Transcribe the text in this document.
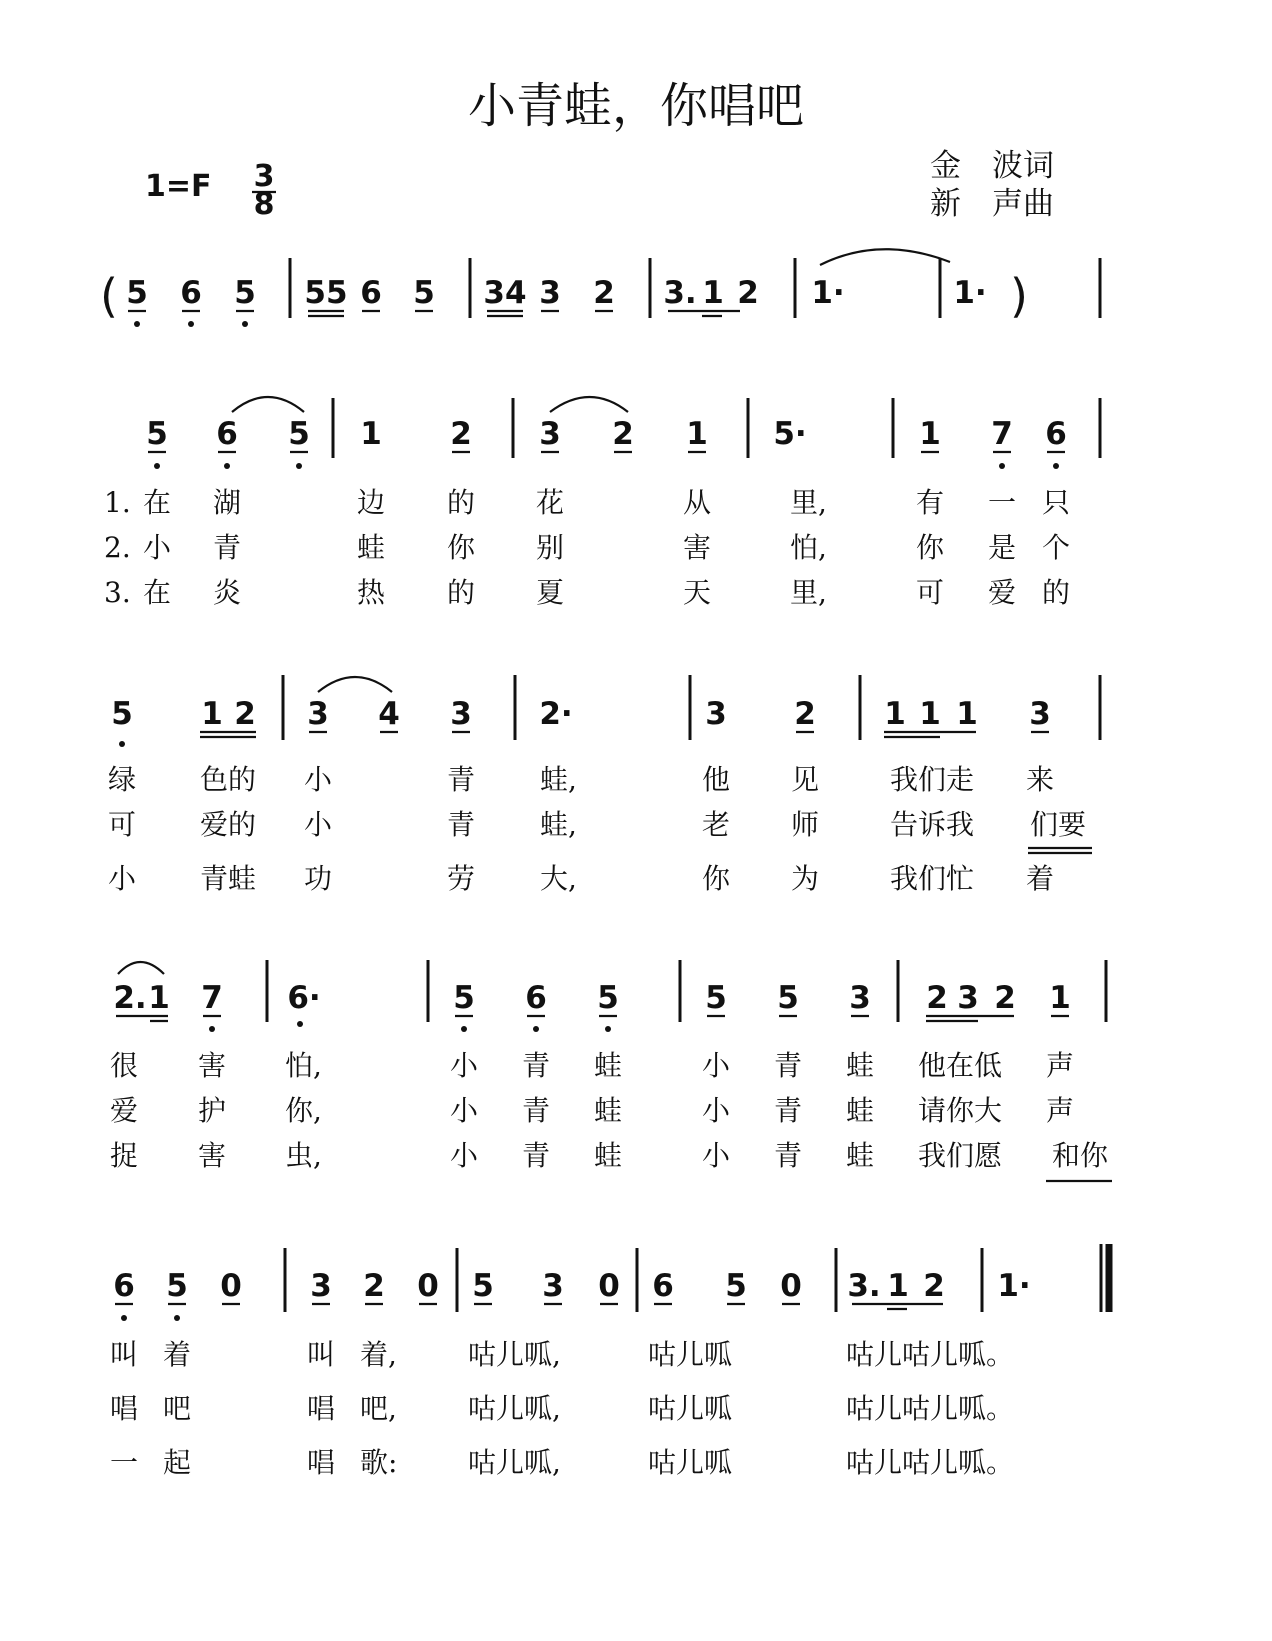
小青蛙，你唱吧
1=F 3
8
金　波词
新　声曲
( 5 6 5 55 6 5 34 3 2 3. 1 2 1·	1· )
5 6 5 1 2 3 2 1 5·	1 7 6
1. 在 湖	边 的 花	从	里,	有 一 只
2. 小 青	蛙 你 别	害	怕,	你 是 个
3. 在 炎	热 的 夏	天	里,	可 爱 的
5 1 2 3 4 3 2·	3 2 1 1 1 3
绿 色的 小	青 蛙,	他 见	我们走 来
可 爱的 小	青 蛙,	老 师	告诉我 们要
小 青蛙 功	劳 大,	你 为	我们忙 着
2. 1 7 6·	5 6 5	5 5 3 2 3 2 1
很 害 怕,	小 青 蛙	小 青 蛙 他在低 声
爱 护 你,	小 青 蛙	小 青 蛙 请你大 声
捉 害 虫,	小 青 蛙	小 青 蛙 我们愿 和你
6 5 0 3 2 0 5 3 0 6 5 0 3. 1 2 1·
叫 着	叫 着,	咕儿呱,	咕儿呱	咕儿咕儿呱。
唱 吧	唱 吧,	咕儿呱,	咕儿呱	咕儿咕儿呱。
一 起	唱 歌:	咕儿呱,	咕儿呱	咕儿咕儿呱。
